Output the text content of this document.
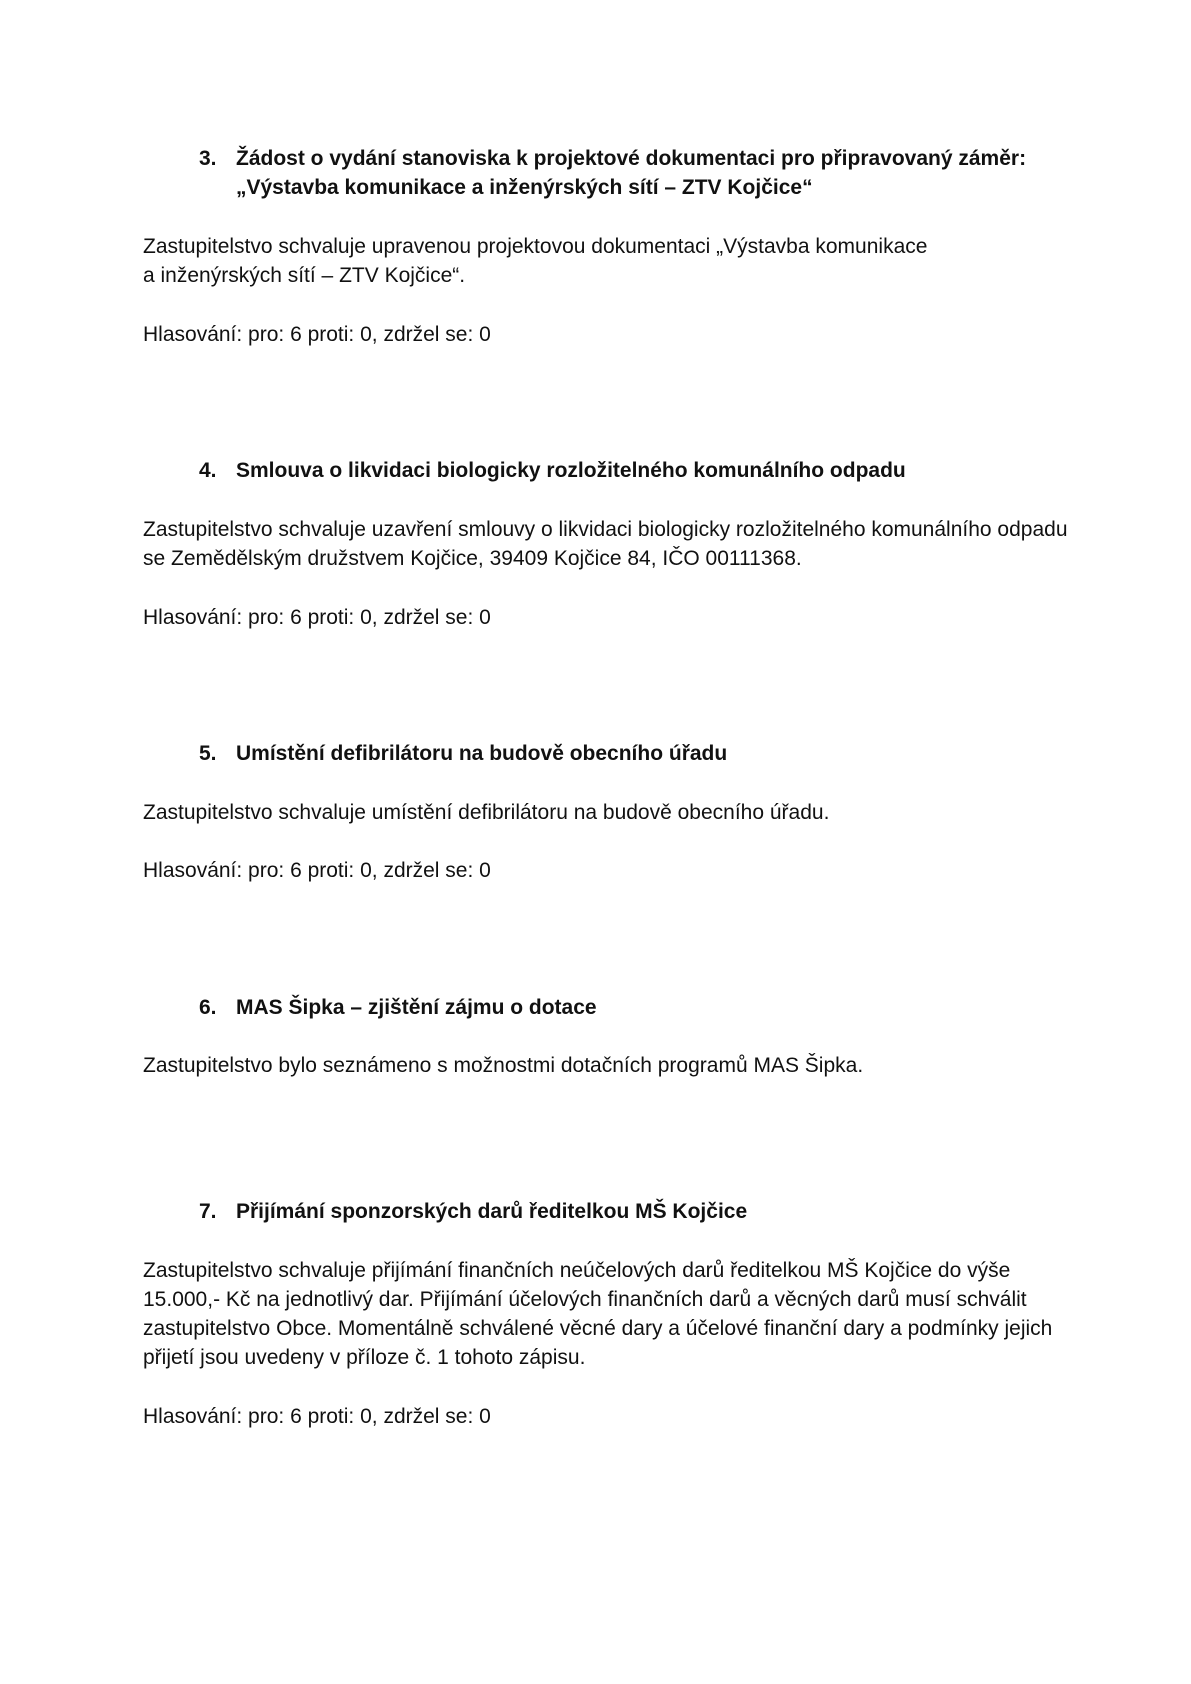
3. Žádost o vydání stanoviska k projektové dokumentaci pro připravovaný záměr:
„Výstavba komunikace a inženýrských sítí – ZTV Kojčice“
Zastupitelstvo schvaluje upravenou projektovou dokumentaci „Výstavba komunikace
a inženýrských sítí – ZTV Kojčice“.
Hlasování: pro: 6 proti: 0, zdržel se: 0
4. Smlouva o likvidaci biologicky rozložitelného komunálního odpadu
Zastupitelstvo schvaluje uzavření smlouvy o likvidaci biologicky rozložitelného komunálního odpadu
se Zemědělským družstvem Kojčice, 39409 Kojčice 84, IČO 00111368.
Hlasování: pro: 6 proti: 0, zdržel se: 0
5. Umístění defibrilátoru na budově obecního úřadu
Zastupitelstvo schvaluje umístění defibrilátoru na budově obecního úřadu.
Hlasování: pro: 6 proti: 0, zdržel se: 0
6. MAS Šipka – zjištění zájmu o dotace
Zastupitelstvo bylo seznámeno s možnostmi dotačních programů MAS Šipka.
7. Přijímání sponzorských darů ředitelkou MŠ Kojčice
Zastupitelstvo schvaluje přijímání finančních neúčelových darů ředitelkou MŠ Kojčice do výše
15.000,- Kč na jednotlivý dar. Přijímání účelových finančních darů a věcných darů musí schválit
zastupitelstvo Obce. Momentálně schválené věcné dary a účelové finanční dary a podmínky jejich
přijetí jsou uvedeny v příloze č. 1 tohoto zápisu.
Hlasování: pro: 6 proti: 0, zdržel se: 0
